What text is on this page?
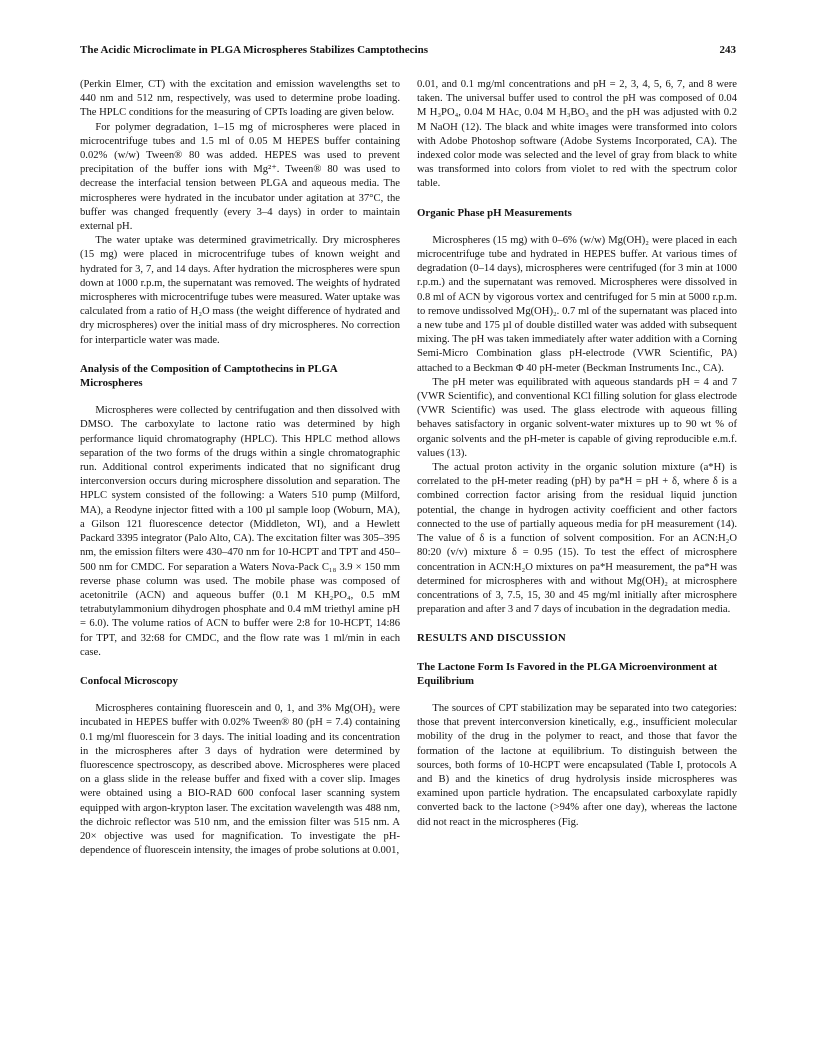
The Acidic Microclimate in PLGA Microspheres Stabilizes Camptothecins	243

(Perkin Elmer, CT) with the excitation and emission wavelengths set to 440 nm and 512 nm, respectively, was used to determine probe loading. The HPLC conditions for the measuring of CPTs loading are given below.

For polymer degradation, 1–15 mg of microspheres were placed in microcentrifuge tubes and 1.5 ml of 0.05 M HEPES buffer containing 0.02% (w/w) Tween® 80 was added. HEPES was used to prevent precipitation of the buffer ions with Mg²⁺. Tween® 80 was used to decrease the interfacial tension between PLGA and aqueous media. The microspheres were hydrated in the incubator under agitation at 37°C, the buffer was changed frequently (every 3–4 days) in order to maintain external pH.

The water uptake was determined gravimetrically. Dry microspheres (15 mg) were placed in microcentrifuge tubes of known weight and hydrated for 3, 7, and 14 days. After hydration the microspheres were spun down at 1000 r.p.m, the supernatant was removed. The weights of hydrated microspheres with microcentrifuge tubes were measured. Water uptake was calculated from a ratio of H₂O mass (the weight difference of hydrated and dry microspheres) over the initial mass of dry microspheres. No correction for interparticle water was made.

Analysis of the Composition of Camptothecins in PLGA Microspheres

Microspheres were collected by centrifugation and then dissolved with DMSO. The carboxylate to lactone ratio was determined by high performance liquid chromatography (HPLC). This HPLC method allows separation of the two forms of the drugs within a single chromatographic run. Additional control experiments indicated that no significant drug interconversion occurs during microsphere dissolution and separation. The HPLC system consisted of the following: a Waters 510 pump (Milford, MA), a Reodyne injector fitted with a 100 µl sample loop (Woburn, MA), a Gilson 121 fluorescence detector (Middleton, WI), and a Hewlett Packard 3395 integrator (Palo Alto, CA). The excitation filter was 305–395 nm, the emission filters were 430–470 nm for 10-HCPT and TPT and 450–500 nm for CMDC. For separation a Waters Nova-Pack C₁₈ 3.9 × 150 mm reverse phase column was used. The mobile phase was composed of acetonitrile (ACN) and aqueous buffer (0.1 M KH₂PO₄, 0.5 mM tetrabutylammonium dihydrogen phosphate and 0.4 mM triethyl amine pH = 6.0). The volume ratios of ACN to buffer were 2:8 for 10-HCPT, 14:86 for TPT, and 32:68 for CMDC, and the flow rate was 1 ml/min in each case.

Confocal Microscopy

Microspheres containing fluorescein and 0, 1, and 3% Mg(OH)₂ were incubated in HEPES buffer with 0.02% Tween® 80 (pH = 7.4) containing 0.1 mg/ml fluorescein for 3 days. The initial loading and its concentration in the microspheres after 3 days of hydration were determined by fluorescence spectroscopy, as described above. Microspheres were placed on a glass slide in the release buffer and fixed with a cover slip. Images were obtained using a BIO-RAD 600 confocal laser scanning system equipped with argon-krypton laser. The excitation wavelength was 488 nm, the dichroic reflector was 510 nm, and the emission filter was 515 nm. A 20× objective was used for magnification. To investigate the pH-dependence of fluorescein intensity, the images of probe solutions at 0.001,

0.01, and 0.1 mg/ml concentrations and pH = 2, 3, 4, 5, 6, 7, and 8 were taken. The universal buffer used to control the pH was composed of 0.04 M H₃PO₄, 0.04 M HAc, 0.04 M H₃BO₃ and the pH was adjusted with 0.2 M NaOH (12). The black and white images were transformed into colors with Adobe Photoshop software (Adobe Systems Incorporated, CA). The indexed color mode was selected and the level of gray from black to white was transformed into colors from violet to red with the spectrum color table.

Organic Phase pH Measurements

Microspheres (15 mg) with 0–6% (w/w) Mg(OH)₂ were placed in each microcentrifuge tube and hydrated in HEPES buffer. At various times of degradation (0–14 days), microspheres were centrifuged (for 3 min at 1000 r.p.m.) and the supernatant was removed. Microspheres were dissolved in 0.8 ml of ACN by vigorous vortex and centrifuged for 5 min at 5000 r.p.m. to remove undissolved Mg(OH)₂. 0.7 ml of the supernatant was placed into a new tube and 175 µl of double distilled water was added with subsequent mixing. The pH was taken immediately after water addition with a Corning Semi-Micro Combination glass pH-electrode (VWR Scientific, PA) attached to a Beckman Φ 40 pH-meter (Beckman Instruments Inc., CA).

The pH meter was equilibrated with aqueous standards pH = 4 and 7 (VWR Scientific), and conventional KCl filling solution for glass electrode (VWR Scientific) was used. The glass electrode with aqueous filling behaves satisfactory in organic solvent-water mixtures up to 90 wt % of organic solvents and the pH-meter is capable of giving reproducible e.m.f. values (13).

The actual proton activity in the organic solution mixture (a*H) is correlated to the pH-meter reading (pH) by pa*H = pH + δ, where δ is a combined correction factor arising from the residual liquid junction potential, the change in hydrogen activity coefficient and other factors connected to the use of partially aqueous media for pH measurement (14). The value of δ is a function of solvent composition. For an ACN:H₂O 80:20 (v/v) mixture δ = 0.95 (15). To test the effect of microsphere concentration in ACN:H₂O mixtures on pa*H measurement, the pa*H was determined for microspheres with and without Mg(OH)₂ at microsphere concentrations of 3, 7.5, 15, 30 and 45 mg/ml initially after microsphere preparation and after 3 and 7 days of incubation in the degradation media.

RESULTS AND DISCUSSION
The Lactone Form Is Favored in the PLGA Microenvironment at Equilibrium

The sources of CPT stabilization may be separated into two categories: those that prevent interconversion kinetically, e.g., insufficient molecular mobility of the drug in the polymer to react, and those that favor the formation of the lactone at equilibrium. To distinguish between the sources, both forms of 10-HCPT were encapsulated (Table I, protocols A and B) and the kinetics of drug hydrolysis inside microspheres was examined upon particle hydration. The encapsulated carboxylate rapidly converted back to the lactone (>94% after one day), whereas the lactone did not react in the microspheres (Fig.
